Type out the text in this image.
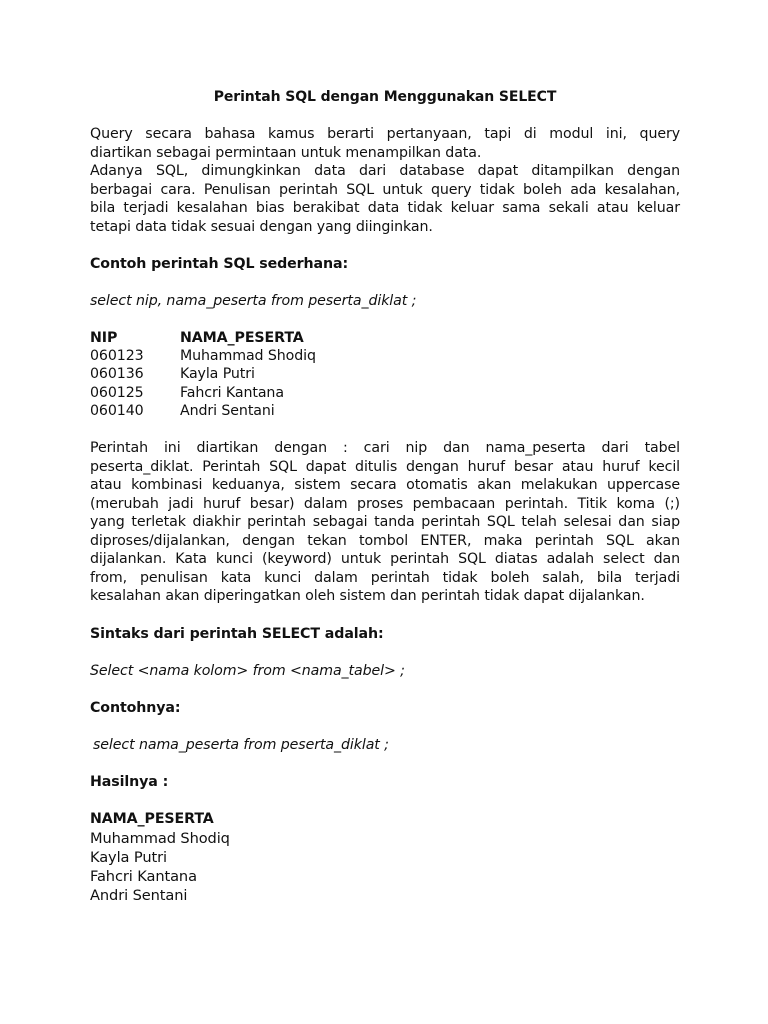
Perintah SQL dengan Menggunakan SELECT

Query secara bahasa kamus berarti pertanyaan, tapi di modul ini, query
diartikan sebagai permintaan untuk menampilkan data.
Adanya SQL, dimungkinkan data dari database dapat ditampilkan dengan
berbagai cara. Penulisan perintah SQL untuk query tidak boleh ada kesalahan,
bila terjadi kesalahan bias berakibat data tidak keluar sama sekali atau keluar
tetapi data tidak sesuai dengan yang diinginkan.

Contoh perintah SQL sederhana:

select nip, nama_peserta from peserta_diklat ;

NIP	NAMA_PESERTA
060123	Muhammad Shodiq
060136	Kayla Putri
060125	Fahcri Kantana
060140	Andri Sentani
Perintah ini diartikan dengan : cari nip dan nama_peserta dari tabel
peserta_diklat. Perintah SQL dapat ditulis dengan huruf besar atau huruf kecil
atau kombinasi keduanya, sistem secara otomatis akan melakukan uppercase
(merubah jadi huruf besar) dalam proses pembacaan perintah. Titik koma (;)
yang terletak diakhir perintah sebagai tanda perintah SQL telah selesai dan siap
diproses/dijalankan, dengan tekan tombol ENTER, maka perintah SQL akan
dijalankan. Kata kunci (keyword) untuk perintah SQL diatas adalah select dan
from, penulisan kata kunci dalam perintah tidak boleh salah, bila terjadi
kesalahan akan diperingatkan oleh sistem dan perintah tidak dapat dijalankan.

Sintaks dari perintah SELECT adalah:

Select <nama kolom> from <nama_tabel> ;

Contohnya:

select nama_peserta from peserta_diklat ;

Hasilnya :

NAMA_PESERTA
Muhammad Shodiq
Kayla Putri
Fahcri Kantana
Andri Sentani
